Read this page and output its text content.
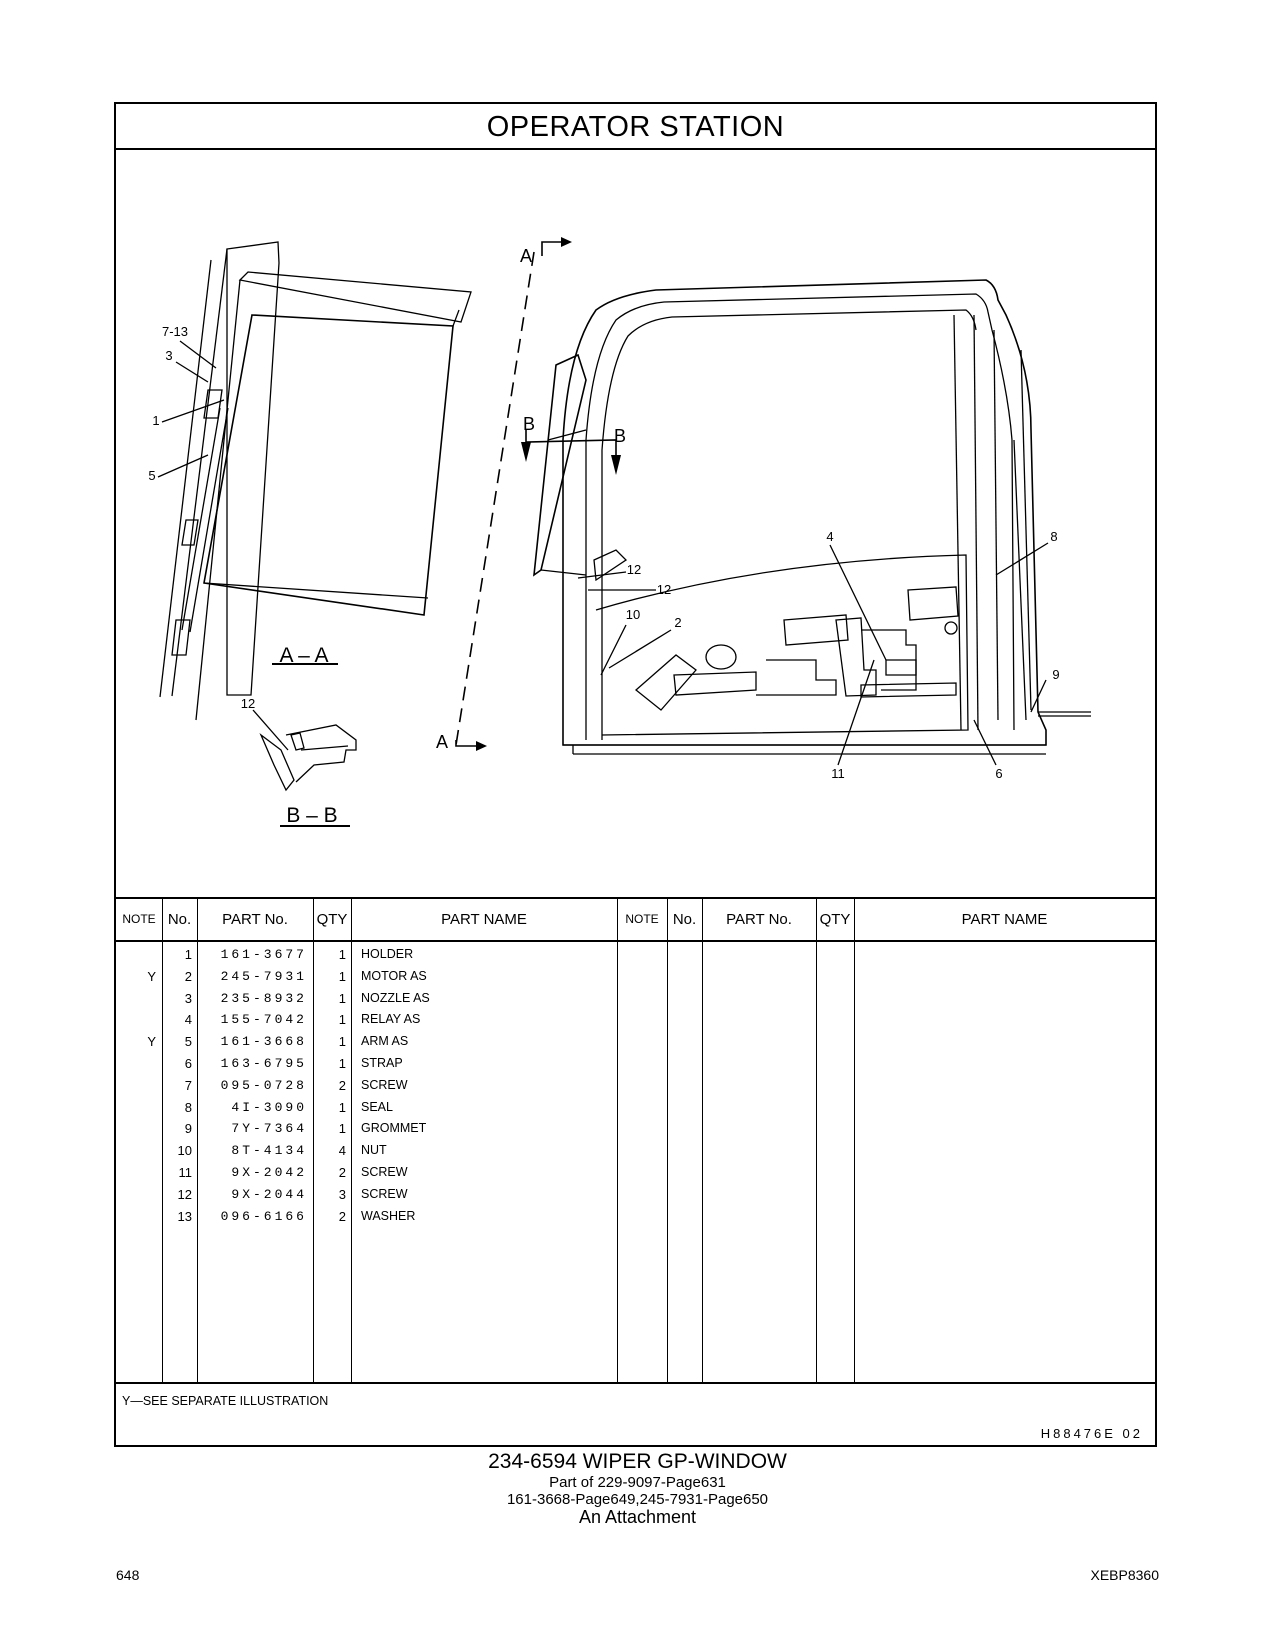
OPERATOR STATION
A
A
B
B
A – A
B – B
7-13
3
1
5
12
12
12
10
2
4	8
9
11	6
NOTE No.	PART No.	QTY	PART NAME	NOTE No.	PART No.	QTY	PART NAME
1	161-3677	1 HOLDER
Y	2	245-7931	1 MOTOR AS
3	235-8932	1 NOZZLE AS
4	155-7042	1 RELAY AS
Y	5	161-3668	1 ARM AS
6	163-6795	1 STRAP
7	095-0728	2 SCREW
8	4I-3090	1 SEAL
9	7Y-7364	1 GROMMET
10	8T-4134	4 NUT
11	9X-2042	2 SCREW
12	9X-2044	3 SCREW
13	096-6166	2 WASHER
Y—SEE SEPARATE ILLUSTRATION
H88476E 02
234-6594 WIPER GP-WINDOW
Part of 229-9097-Page631
161-3668-Page649,245-7931-Page650
An Attachment
648	XEBP8360
